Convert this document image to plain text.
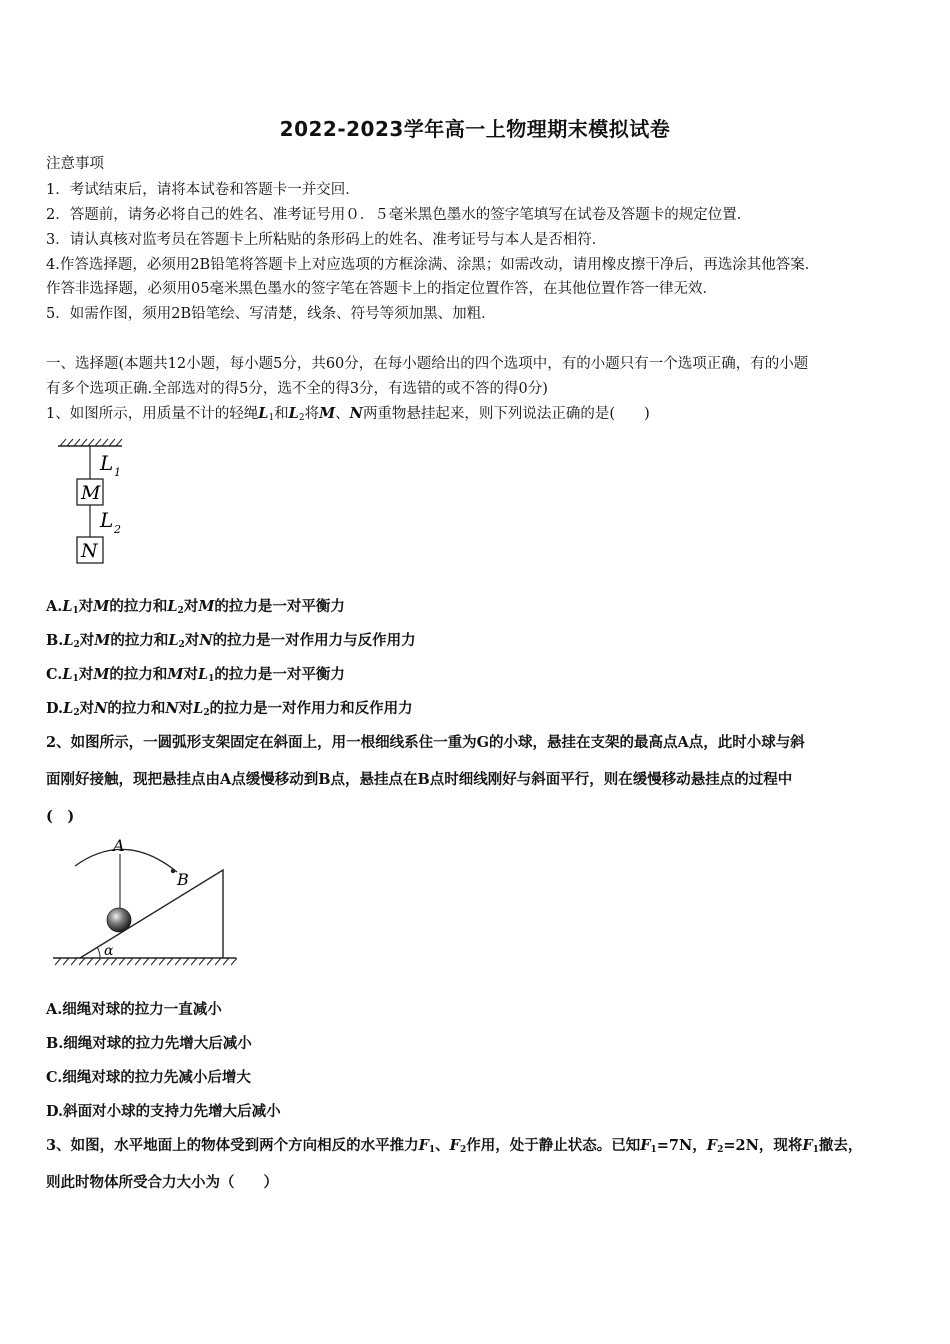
2022-2023学年高一上物理期末模拟试卷
注意事项
1．考试结束后，请将本试卷和答题卡一并交回．
2．答题前，请务必将自己的姓名、准考证号用０．５毫米黑色墨水的签字笔填写在试卷及答题卡的规定位置．
3．请认真核对监考员在答题卡上所粘贴的条形码上的姓名、准考证号与本人是否相符．
4.作答选择题，必须用2B铅笔将答题卡上对应选项的方框涂满、涂黑；如需改动，请用橡皮擦干净后，再选涂其他答案．
作答非选择题，必须用05毫米黑色墨水的签字笔在答题卡上的指定位置作答，在其他位置作答一律无效．
5．如需作图，须用2B铅笔绘、写清楚，线条、符号等须加黑、加粗．
一、选择题(本题共12小题，每小题5分，共60分，在每小题给出的四个选项中，有的小题只有一个选项正确，有的小题
有多个选项正确.全部选对的得5分，选不全的得3分，有选错的或不答的得0分)
1、如图所示，用质量不计的轻绳$L_1$和$L_2$将M、N两重物悬挂起来，则下列说法正确的是(　　)
L 1
M
L 2
N
$A.L_1$对M的拉力和$L_2$对M的拉力是一对平衡力
$B.L_2$对M的拉力和$L_2$对N的拉力是一对作用力与反作用力
$C.L_1$对M的拉力和M对$L_1$的拉力是一对平衡力
$D.L_2$对N的拉力和N对$L_2$的拉力是一对作用力和反作用力
2、如图所示，一圆弧形支架固定在斜面上，用一根细线系住一重为G的小球，悬挂在支架的最高点A点，此时小球与斜
面刚好接触，现把悬挂点由A点缓慢移动到B点，悬挂点在B点时细线刚好与斜面平行，则在缓慢移动悬挂点的过程中
(　)
α
A
B
A.细绳对球的拉力一直减小
B.细绳对球的拉力先增大后减小
C.细绳对球的拉力先减小后增大
D.斜面对小球的支持力先增大后减小
3、如图，水平地面上的物体受到两个方向相反的水平推力$F_1$、$F_2$作用，处于静止状态。已知$F_1=7N$，$F_2=2N$，现将$F_1$撤去，
则此时物体所受合力大小为（　　）
